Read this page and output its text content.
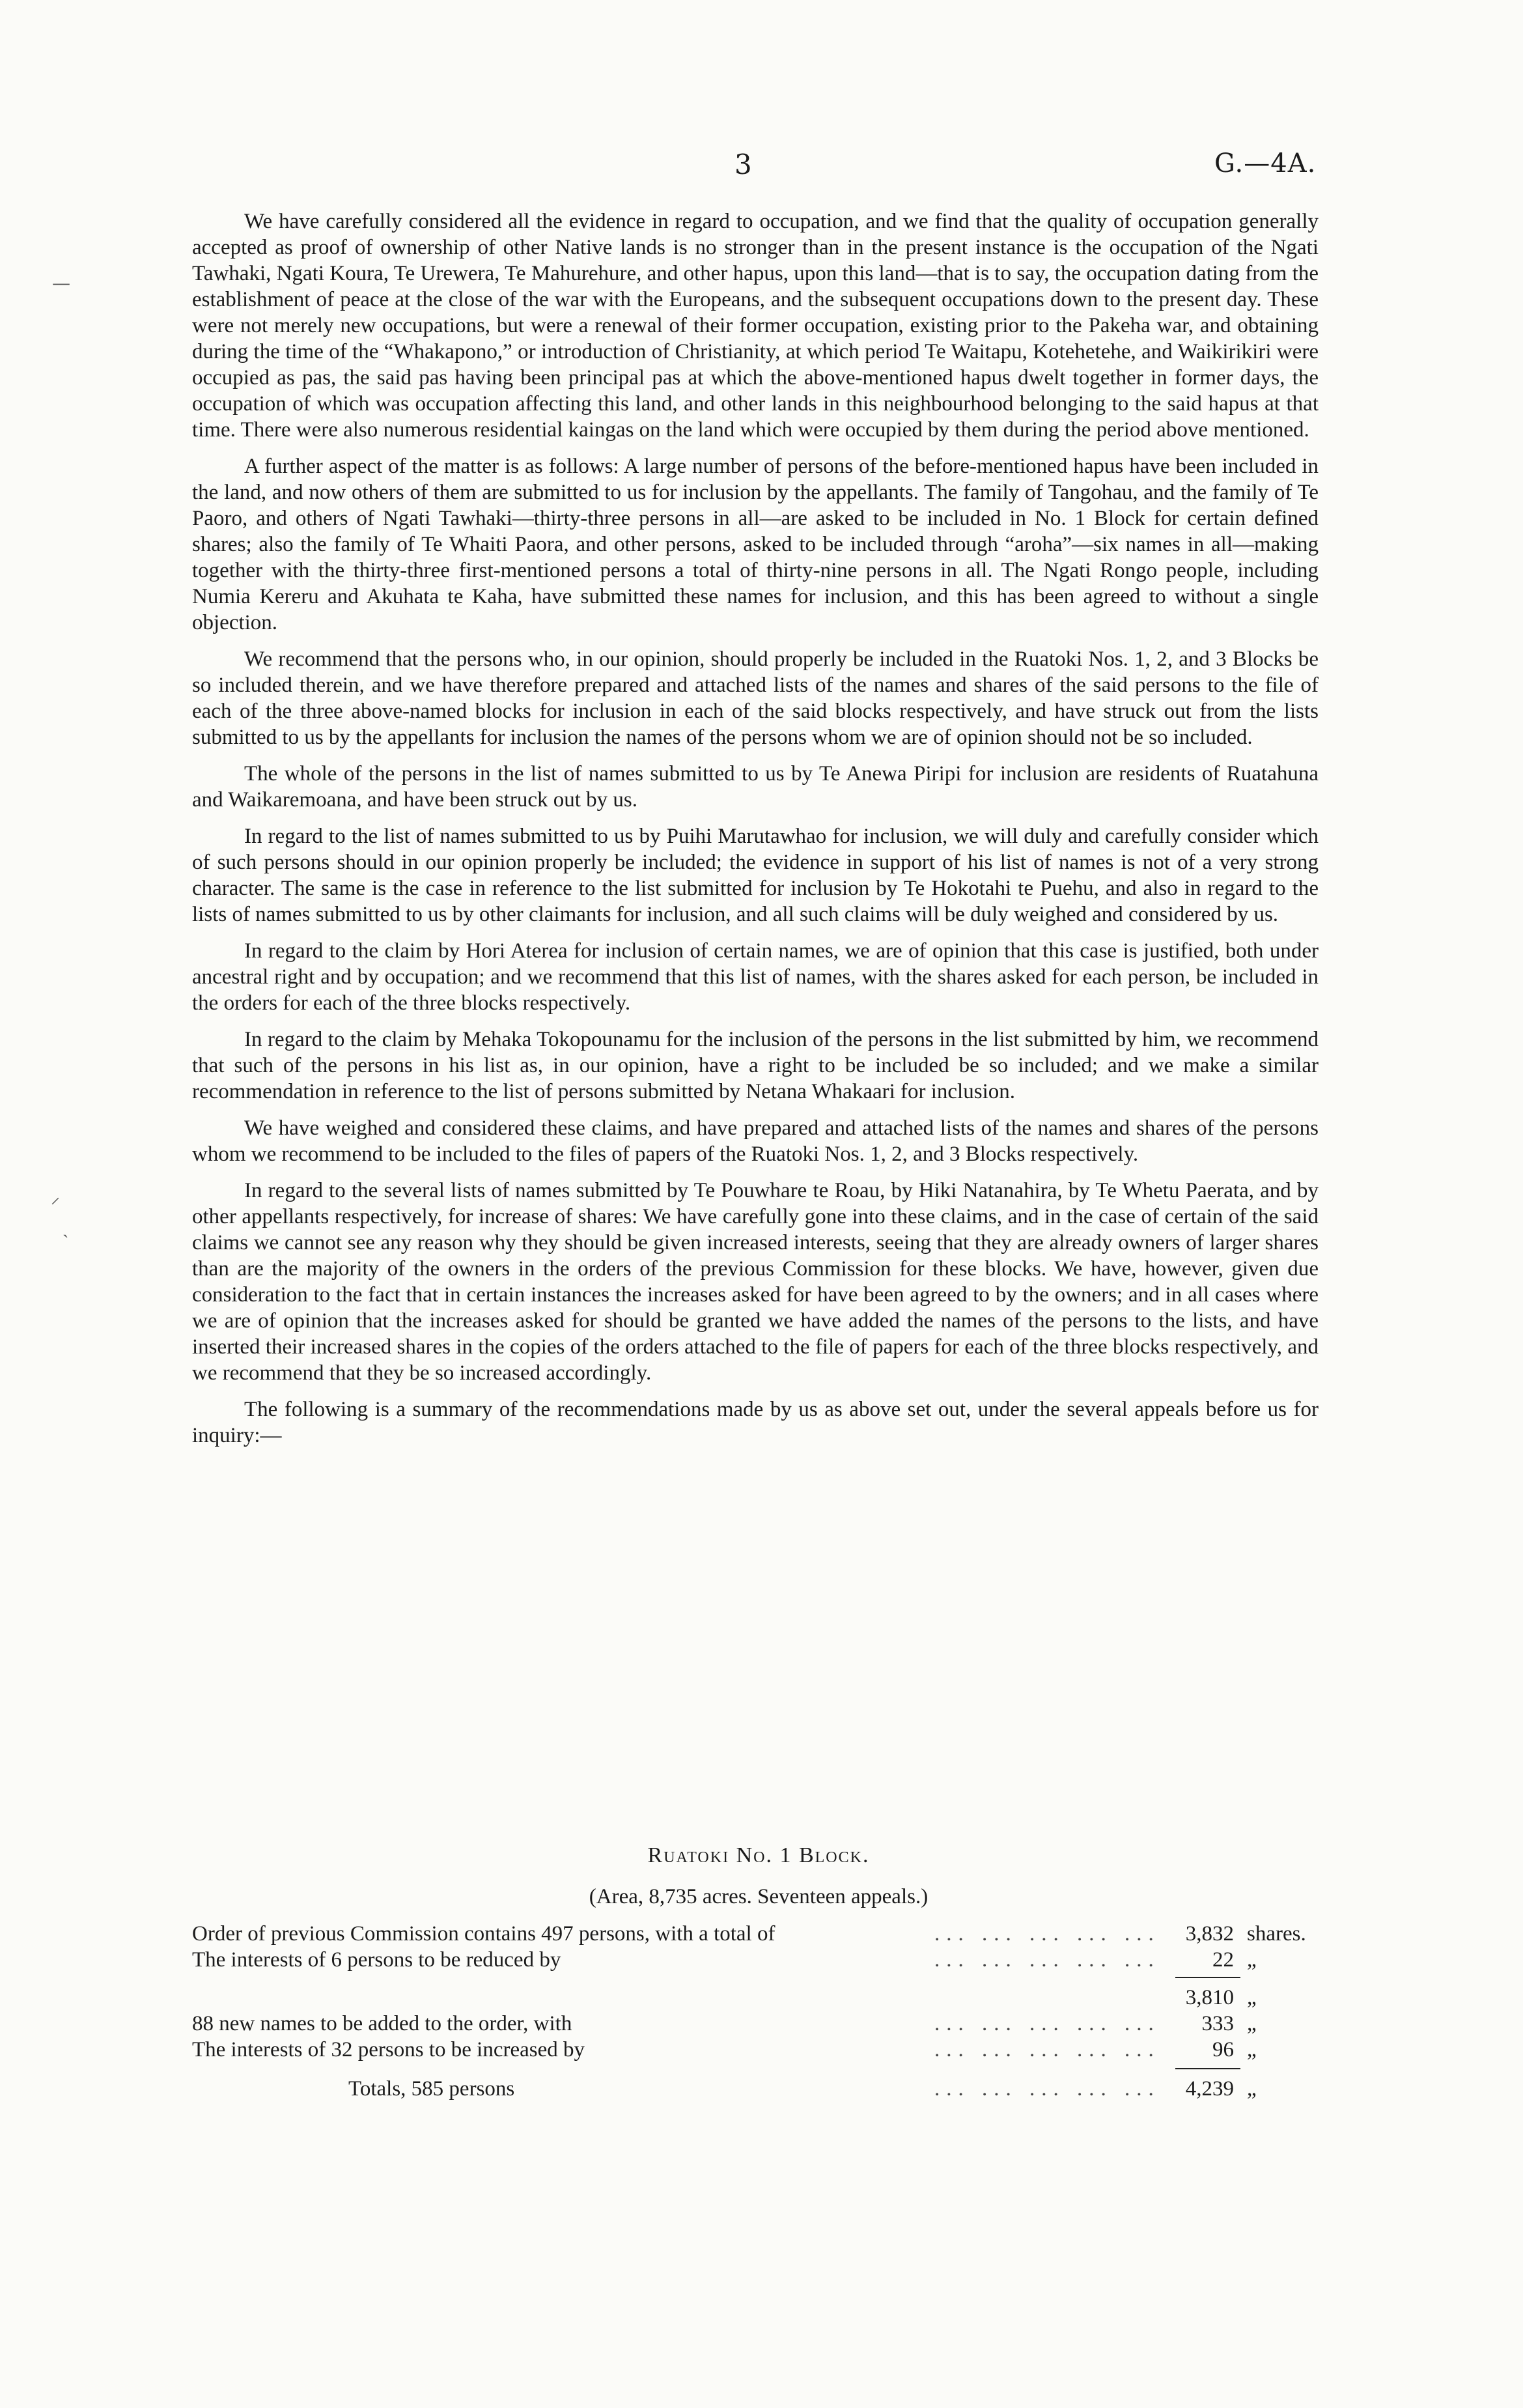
3	G.—4A.
—
⸝
ˎ

We have carefully considered all the evidence in regard to occupation, and we find that the quality of occupation generally accepted as proof of ownership of other Native lands is no stronger than in the present instance is the occupation of the Ngati Tawhaki, Ngati Koura, Te Urewera, Te Mahurehure, and other hapus, upon this land—that is to say, the occupation dating from the establishment of peace at the close of the war with the Europeans, and the subsequent occupations down to the present day. These were not merely new occupations, but were a renewal of their former occupation, existing prior to the Pakeha war, and obtaining during the time of the “Whakapono,” or introduction of Christianity, at which period Te Waitapu, Kotehetehe, and Waikirikiri were occupied as pas, the said pas having been principal pas at which the above-mentioned hapus dwelt together in former days, the occupation of which was occupation affecting this land, and other lands in this neighbourhood belonging to the said hapus at that time. There were also numerous residential kaingas on the land which were occupied by them during the period above mentioned.

A further aspect of the matter is as follows: A large number of persons of the before-mentioned hapus have been included in the land, and now others of them are submitted to us for inclusion by the appellants. The family of Tangohau, and the family of Te Paoro, and others of Ngati Tawhaki—thirty-three persons in all—are asked to be included in No. 1 Block for certain defined shares; also the family of Te Whaiti Paora, and other persons, asked to be included through “aroha”—six names in all—making together with the thirty-three first-mentioned persons a total of thirty-nine persons in all. The Ngati Rongo people, including Numia Kereru and Akuhata te Kaha, have submitted these names for inclusion, and this has been agreed to without a single objection.

We recommend that the persons who, in our opinion, should properly be included in the Ruatoki Nos. 1, 2, and 3 Blocks be so included therein, and we have therefore prepared and attached lists of the names and shares of the said persons to the file of each of the three above-named blocks for inclusion in each of the said blocks respectively, and have struck out from the lists submitted to us by the appellants for inclusion the names of the persons whom we are of opinion should not be so included.

The whole of the persons in the list of names submitted to us by Te Anewa Piripi for inclusion are residents of Ruatahuna and Waikaremoana, and have been struck out by us.

In regard to the list of names submitted to us by Puihi Marutawhao for inclusion, we will duly and carefully consider which of such persons should in our opinion properly be included; the evidence in support of his list of names is not of a very strong character. The same is the case in reference to the list submitted for inclusion by Te Hokotahi te Puehu, and also in regard to the lists of names submitted to us by other claimants for inclusion, and all such claims will be duly weighed and considered by us.

In regard to the claim by Hori Aterea for inclusion of certain names, we are of opinion that this case is justified, both under ancestral right and by occupation; and we recommend that this list of names, with the shares asked for each person, be included in the orders for each of the three blocks respectively.

In regard to the claim by Mehaka Tokopounamu for the inclusion of the persons in the list submitted by him, we recommend that such of the persons in his list as, in our opinion, have a right to be included be so included; and we make a similar recommendation in reference to the list of persons submitted by Netana Whakaari for inclusion.

We have weighed and considered these claims, and have prepared and attached lists of the names and shares of the persons whom we recommend to be included to the files of papers of the Ruatoki Nos. 1, 2, and 3 Blocks respectively.

In regard to the several lists of names submitted by Te Pouwhare te Roau, by Hiki Natanahira, by Te Whetu Paerata, and by other appellants respectively, for increase of shares: We have carefully gone into these claims, and in the case of certain of the said claims we cannot see any reason why they should be given increased interests, seeing that they are already owners of larger shares than are the majority of the owners in the orders of the previous Commission for these blocks. We have, however, given due consideration to the fact that in certain instances the increases asked for have been agreed to by the owners; and in all cases where we are of opinion that the increases asked for should be granted we have added the names of the persons to the lists, and have inserted their increased shares in the copies of the orders attached to the file of papers for each of the three blocks respectively, and we recommend that they be so increased accordingly.

The following is a summary of the recommendations made by us as above set out, under the several appeals before us for inquiry:—

Ruatoki No. 1 Block.
(Area, 8,735 acres. Seventeen appeals.)
Order of previous Commission contains 497 persons, with a total of	... ... ... ... ... 3,832 shares.
The interests of 6 persons to be reduced by	... ... ... ... ... 22 „
3,810 „
88 new names to be added to the order, with	... ... ... ... ... 333 „
The interests of 32 persons to be increased by	... ... ... ... ... 96 „
Totals, 585 persons	... ... ... ... ... 4,239 „
